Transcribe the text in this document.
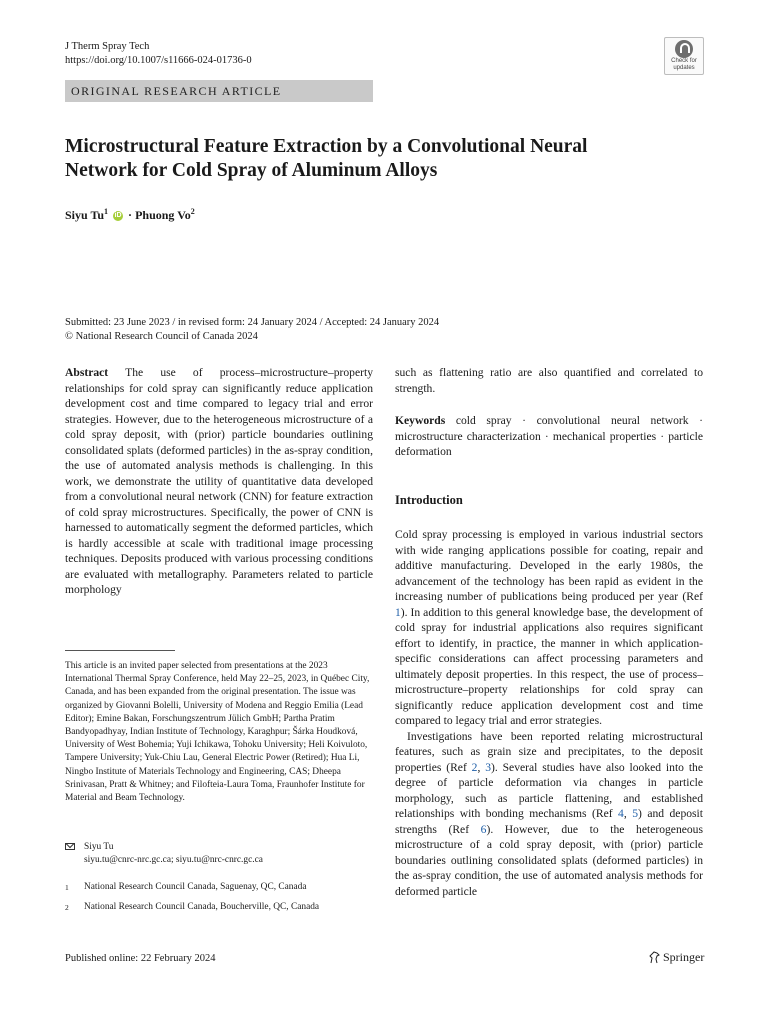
J Therm Spray Tech
https://doi.org/10.1007/s11666-024-01736-0	Check for
updates
ORIGINAL RESEARCH ARTICLE
Microstructural Feature Extraction by a Convolutional Neural
Network for Cold Spray of Aluminum Alloys
Siyu Tu$^1$ iD · Phuong Vo$^2$
Submitted: 23 June 2023 / in revised form: 24 January 2024 / Accepted: 24 January 2024
© National Research Council of Canada 2024
Abstract The use of process–microstructure–property relationships for cold spray can significantly reduce application development cost and time compared to legacy trial and error strategies. However, due to the heterogeneous microstructure of a cold spray deposit, with (prior) particle boundaries outlining consolidated splats (deformed particles) in the as-spray condition, the use of automated analysis methods is challenging. In this work, we demonstrate the utility of quantitative data developed from a convolutional neural network (CNN) for feature extraction of cold spray microstructures. Specifically, the power of CNN is harnessed to automatically segment the deformed particles, which is hardly accessible at scale with traditional image processing techniques. Deposits produced with various processing conditions are evaluated with metallography. Parameters related to particle morphology
such as flattening ratio are also quantified and correlated to strength.
Keywords cold spray · convolutional neural network · microstructure characterization · mechanical properties · particle deformation
Introduction

Cold spray processing is employed in various industrial sectors with wide ranging applications possible for coating, repair and additive manufacturing. Developed in the early 1980s, the advancement of the technology has been rapid as evident in the increasing number of publications being produced per year (Ref 1). In addition to this general knowledge base, the development of cold spray for industrial applications also requires significant effort to identify, in practice, the manner in which application-specific considerations can affect processing parameters and ultimately deposit properties. In this respect, the use of process–microstructure–property relationships for cold spray can significantly reduce application development cost and time compared to legacy trial and error strategies.

Investigations have been reported relating microstructural features, such as grain size and precipitates, to the deposit properties (Ref 2, 3). Several studies have also looked into the degree of particle deformation via changes in particle morphology, such as particle flattening, and established relationships with bonding mechanisms (Ref 4, 5) and deposit strengths (Ref 6). However, due to the heterogeneous microstructure of a cold spray deposit, with (prior) particle boundaries outlining consolidated splats (deformed particles) in the as-spray condition, the use of automated analysis methods for deformed particle

This article is an invited paper selected from presentations at the 2023 International Thermal Spray Conference, held May 22–25, 2023, in Québec City, Canada, and has been expanded from the original presentation. The issue was organized by Giovanni Bolelli, University of Modena and Reggio Emilia (Lead Editor); Emine Bakan, Forschungszentrum Jülich GmbH; Partha Pratim Bandyopadhyay, Indian Institute of Technology, Karaghpur; Šárka Houdková, University of West Bohemia; Yuji Ichikawa, Tohoku University; Heli Koivuloto, Tampere University; Yuk-Chiu Lau, General Electric Power (Retired); Hua Li, Ningbo Institute of Materials Technology and Engineering, CAS; Dheepa Srinivasan, Pratt & Whitney; and Filofteia-Laura Toma, Fraunhofer Institute for Material and Beam Technology.
Siyu Tu
siyu.tu@cnrc-nrc.gc.ca; siyu.tu@nrc-cnrc.gc.ca
1 National Research Council Canada, Saguenay, QC, Canada
2 National Research Council Canada, Boucherville, QC, Canada
Published online: 22 February 2024	Springer
